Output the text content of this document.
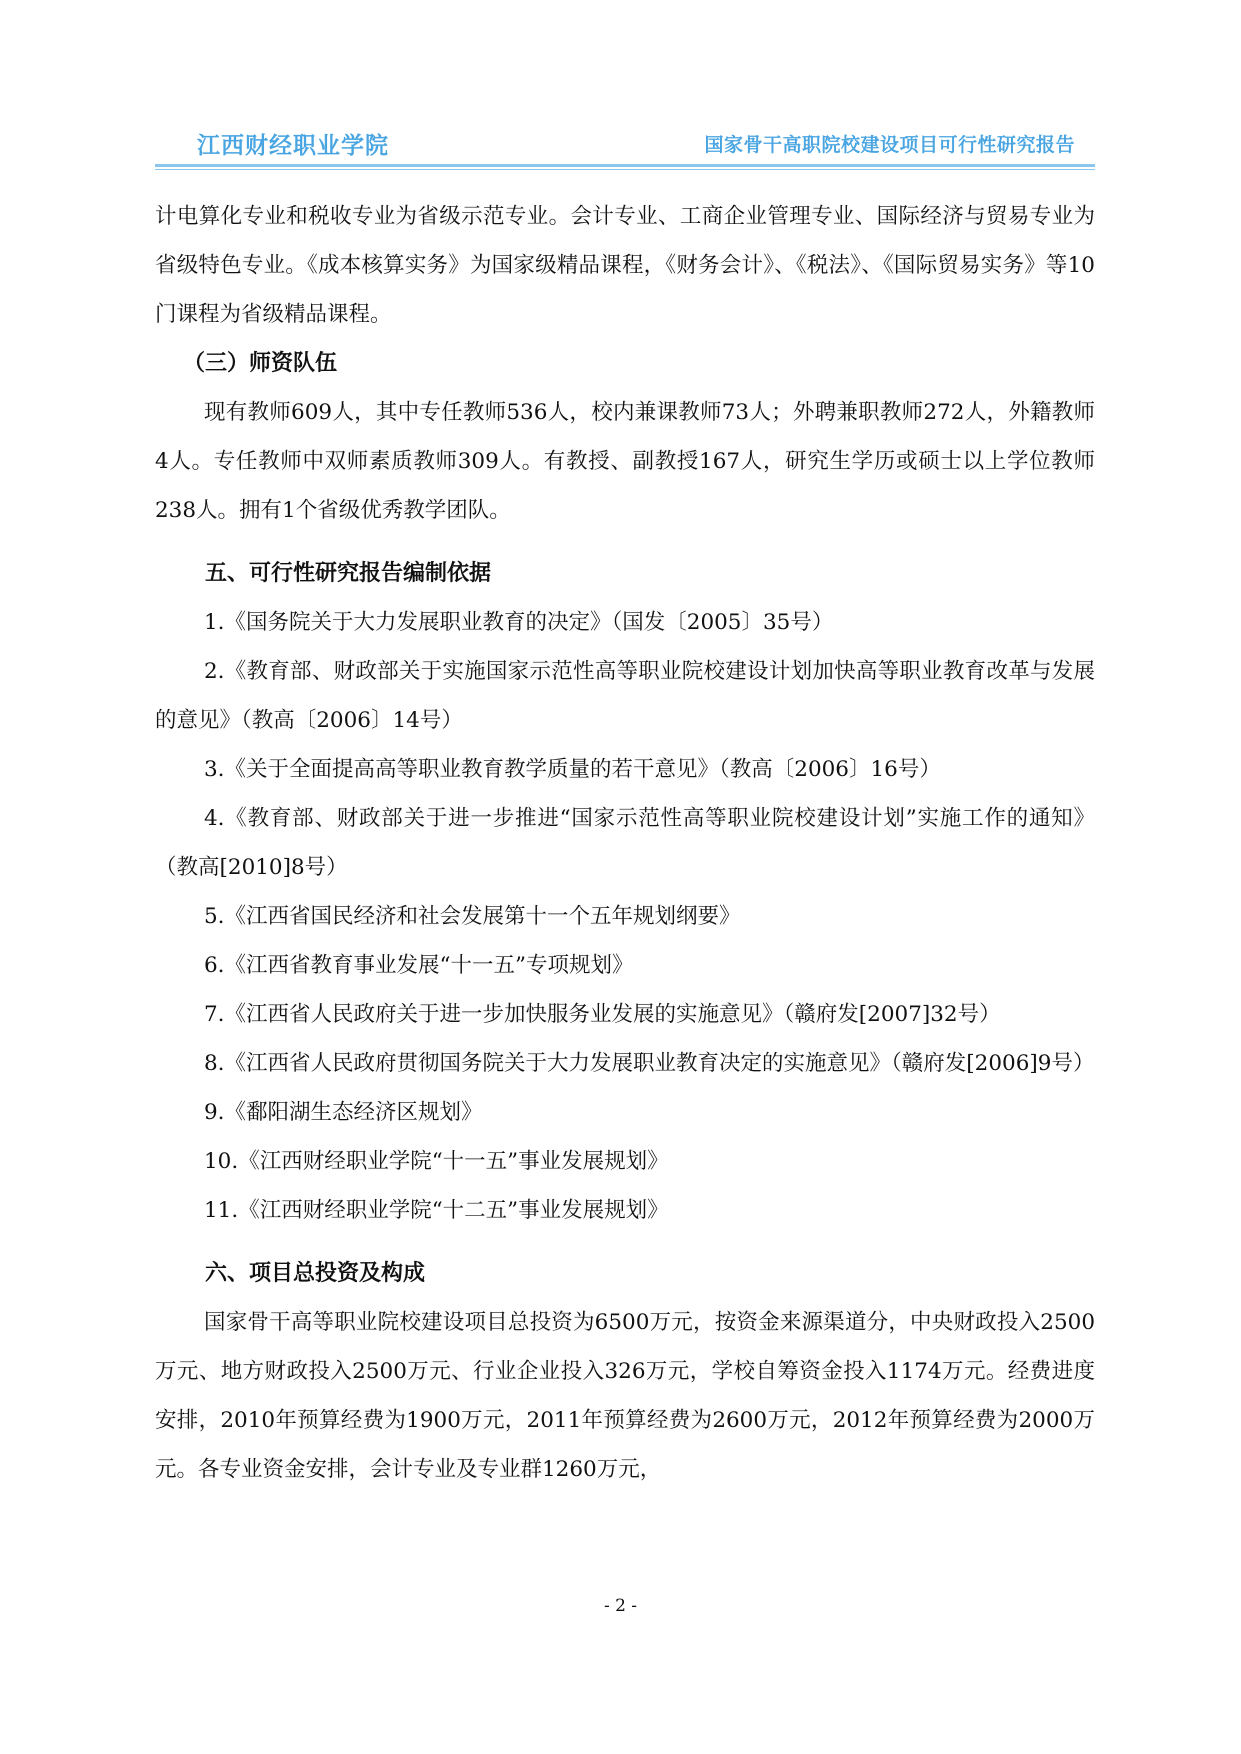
江西财经职业学院	国家骨干高职院校建设项目可行性研究报告

计电算化专业和税收专业为省级示范专业。会计专业、工商企业管理专业、国际经济与贸易专业为省级特色专业。《成本核算实务》为国家级精品课程，《财务会计》、《税法》、《国际贸易实务》等10门课程为省级精品课程。

（三）师资队伍

现有教师609人，其中专任教师536人，校内兼课教师73人；外聘兼职教师272人，外籍教师4人。专任教师中双师素质教师309人。有教授、副教授167人，研究生学历或硕士以上学位教师238人。拥有1个省级优秀教学团队。

五、可行性研究报告编制依据

1.《国务院关于大力发展职业教育的决定》（国发〔2005〕35号）

2.《教育部、财政部关于实施国家示范性高等职业院校建设计划加快高等职业教育改革与发展的意见》（教高〔2006〕14号）

3.《关于全面提高高等职业教育教学质量的若干意见》（教高〔2006〕16号）

4.《教育部、财政部关于进一步推进“国家示范性高等职业院校建设计划”实施工作的通知》（教高[2010]8号）

5.《江西省国民经济和社会发展第十一个五年规划纲要》

6.《江西省教育事业发展“十一五”专项规划》

7.《江西省人民政府关于进一步加快服务业发展的实施意见》（赣府发[2007]32号）

8.《江西省人民政府贯彻国务院关于大力发展职业教育决定的实施意见》（赣府发[2006]9号）

9.《鄱阳湖生态经济区规划》

10.《江西财经职业学院“十一五”事业发展规划》

11.《江西财经职业学院“十二五”事业发展规划》

六、项目总投资及构成

国家骨干高等职业院校建设项目总投资为6500万元，按资金来源渠道分，中央财政投入2500万元、地方财政投入2500万元、行业企业投入326万元，学校自筹资金投入1174万元。经费进度安排，2010年预算经费为1900万元，2011年预算经费为2600万元，2012年预算经费为2000万元。各专业资金安排，会计专业及专业群1260万元，

- 2 -
